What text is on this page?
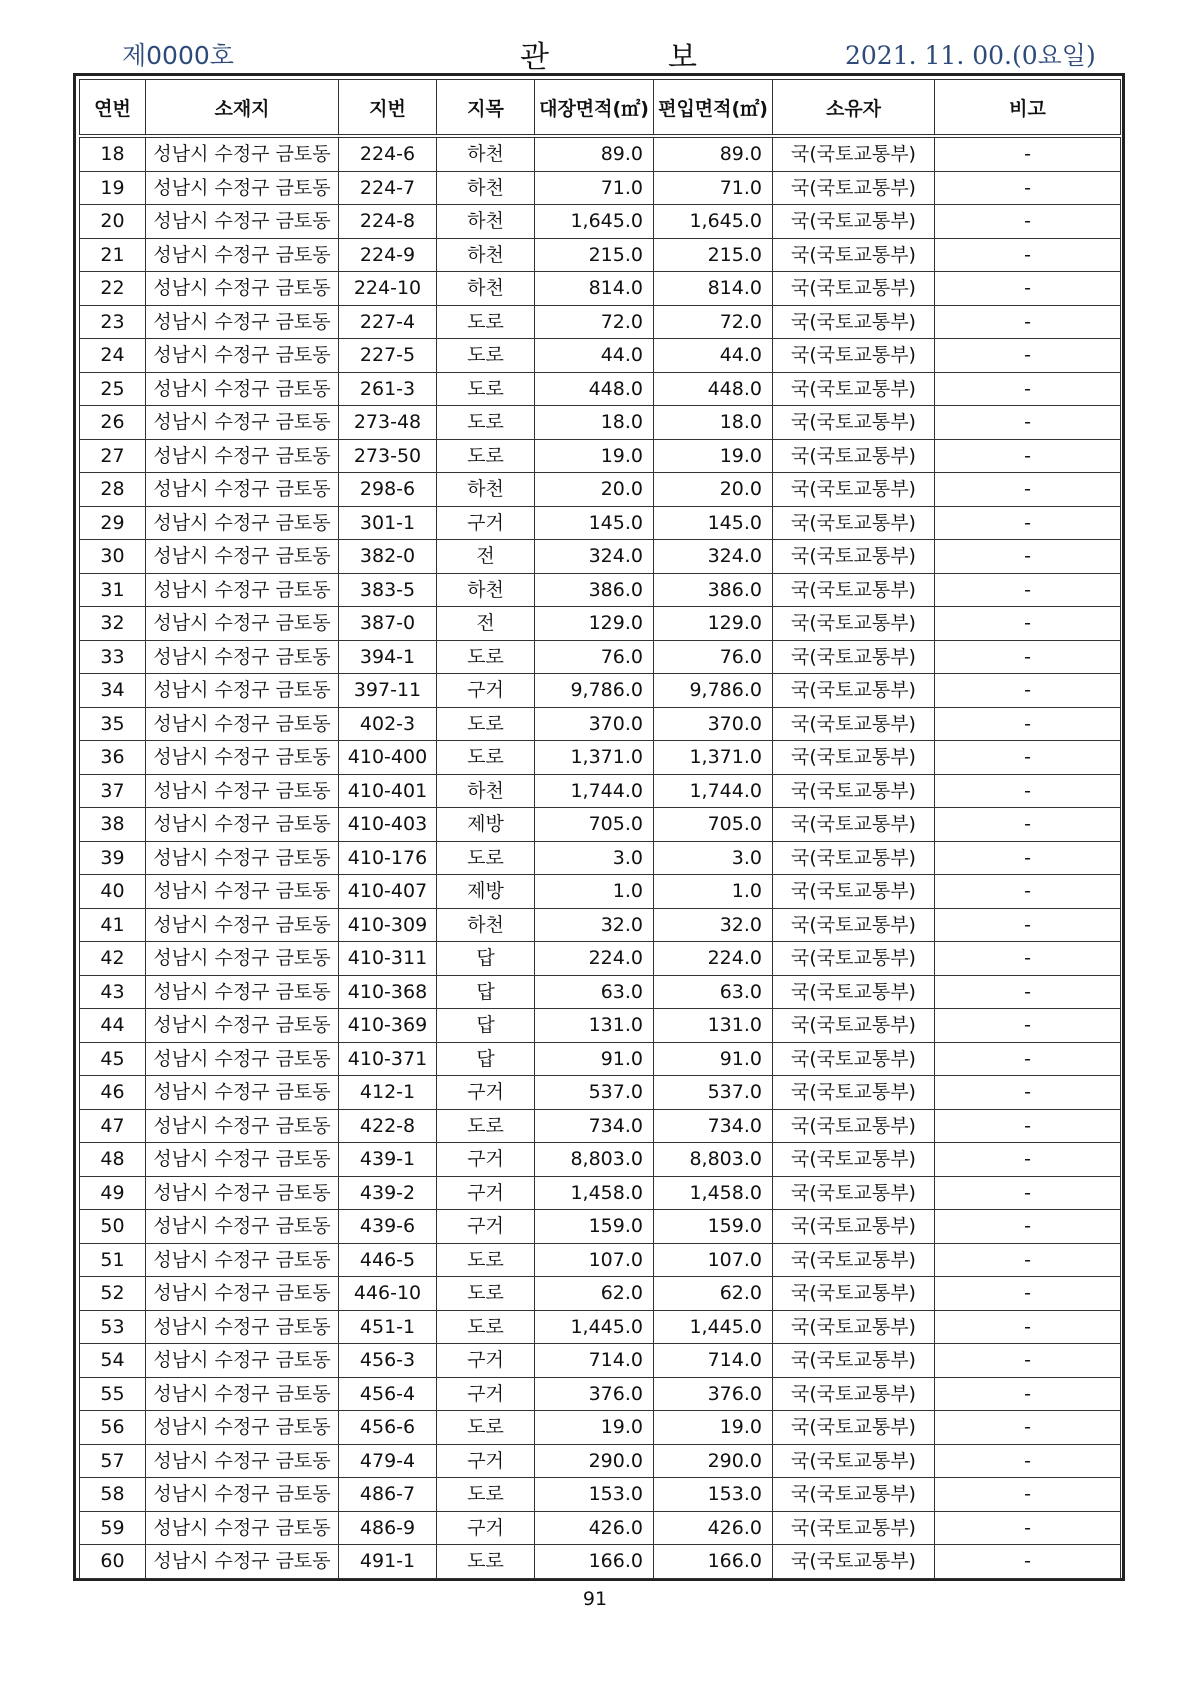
제0000호	관	보	2021. 11. 00.(0요일)
연번	소재지	지번	지목	대장면적(㎡)	편입면적(㎡)	소유자	비고
18	성남시 수정구 금토동	224-6	하천	89.0	89.0	국(국토교통부)	-
19	성남시 수정구 금토동	224-7	하천	71.0	71.0	국(국토교통부)	-
20	성남시 수정구 금토동	224-8	하천	1,645.0	1,645.0	국(국토교통부)	-
21	성남시 수정구 금토동	224-9	하천	215.0	215.0	국(국토교통부)	-
22	성남시 수정구 금토동	224-10	하천	814.0	814.0	국(국토교통부)	-
23	성남시 수정구 금토동	227-4	도로	72.0	72.0	국(국토교통부)	-
24	성남시 수정구 금토동	227-5	도로	44.0	44.0	국(국토교통부)	-
25	성남시 수정구 금토동	261-3	도로	448.0	448.0	국(국토교통부)	-
26	성남시 수정구 금토동	273-48	도로	18.0	18.0	국(국토교통부)	-
27	성남시 수정구 금토동	273-50	도로	19.0	19.0	국(국토교통부)	-
28	성남시 수정구 금토동	298-6	하천	20.0	20.0	국(국토교통부)	-
29	성남시 수정구 금토동	301-1	구거	145.0	145.0	국(국토교통부)	-
30	성남시 수정구 금토동	382-0	전	324.0	324.0	국(국토교통부)	-
31	성남시 수정구 금토동	383-5	하천	386.0	386.0	국(국토교통부)	-
32	성남시 수정구 금토동	387-0	전	129.0	129.0	국(국토교통부)	-
33	성남시 수정구 금토동	394-1	도로	76.0	76.0	국(국토교통부)	-
34	성남시 수정구 금토동	397-11	구거	9,786.0	9,786.0	국(국토교통부)	-
35	성남시 수정구 금토동	402-3	도로	370.0	370.0	국(국토교통부)	-
36	성남시 수정구 금토동	410-400	도로	1,371.0	1,371.0	국(국토교통부)	-
37	성남시 수정구 금토동	410-401	하천	1,744.0	1,744.0	국(국토교통부)	-
38	성남시 수정구 금토동	410-403	제방	705.0	705.0	국(국토교통부)	-
39	성남시 수정구 금토동	410-176	도로	3.0	3.0	국(국토교통부)	-
40	성남시 수정구 금토동	410-407	제방	1.0	1.0	국(국토교통부)	-
41	성남시 수정구 금토동	410-309	하천	32.0	32.0	국(국토교통부)	-
42	성남시 수정구 금토동	410-311	답	224.0	224.0	국(국토교통부)	-
43	성남시 수정구 금토동	410-368	답	63.0	63.0	국(국토교통부)	-
44	성남시 수정구 금토동	410-369	답	131.0	131.0	국(국토교통부)	-
45	성남시 수정구 금토동	410-371	답	91.0	91.0	국(국토교통부)	-
46	성남시 수정구 금토동	412-1	구거	537.0	537.0	국(국토교통부)	-
47	성남시 수정구 금토동	422-8	도로	734.0	734.0	국(국토교통부)	-
48	성남시 수정구 금토동	439-1	구거	8,803.0	8,803.0	국(국토교통부)	-
49	성남시 수정구 금토동	439-2	구거	1,458.0	1,458.0	국(국토교통부)	-
50	성남시 수정구 금토동	439-6	구거	159.0	159.0	국(국토교통부)	-
51	성남시 수정구 금토동	446-5	도로	107.0	107.0	국(국토교통부)	-
52	성남시 수정구 금토동	446-10	도로	62.0	62.0	국(국토교통부)	-
53	성남시 수정구 금토동	451-1	도로	1,445.0	1,445.0	국(국토교통부)	-
54	성남시 수정구 금토동	456-3	구거	714.0	714.0	국(국토교통부)	-
55	성남시 수정구 금토동	456-4	구거	376.0	376.0	국(국토교통부)	-
56	성남시 수정구 금토동	456-6	도로	19.0	19.0	국(국토교통부)	-
57	성남시 수정구 금토동	479-4	구거	290.0	290.0	국(국토교통부)	-
58	성남시 수정구 금토동	486-7	도로	153.0	153.0	국(국토교통부)	-
59	성남시 수정구 금토동	486-9	구거	426.0	426.0	국(국토교통부)	-
60	성남시 수정구 금토동	491-1	도로	166.0	166.0	국(국토교통부)	-
91
